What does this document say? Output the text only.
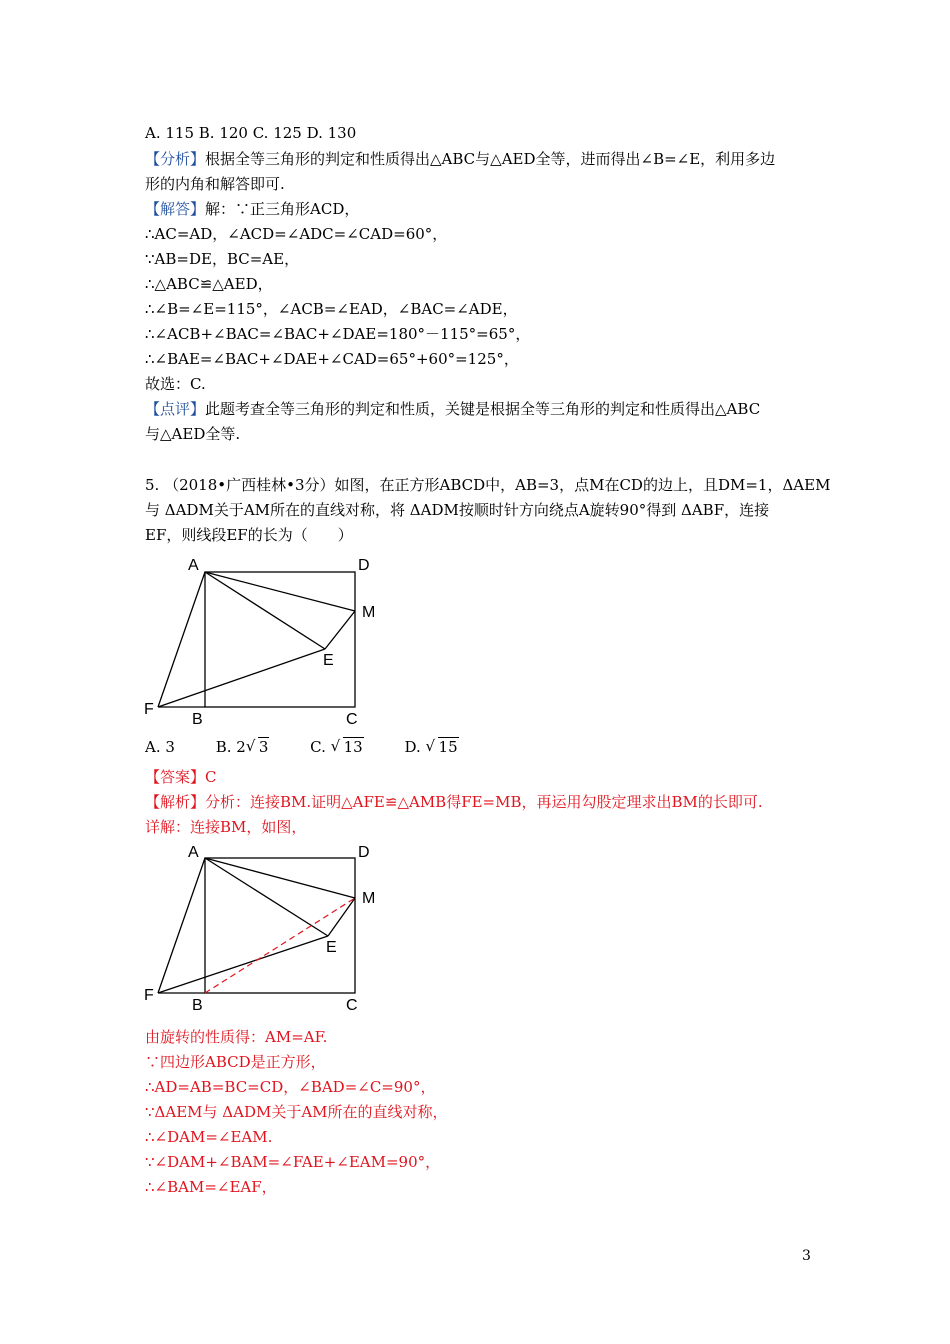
A. 115 B. 120 C. 125 D. 130
【分析】根据全等三角形的判定和性质得出△ABC与△AED全等，进而得出∠B=∠E，利用多边
形的内角和解答即可.
【解答】解：∵正三角形ACD，
∴AC=AD，∠ACD=∠ADC=∠CAD=60°，
∵AB=DE，BC=AE，
∴△ABC≌△AED，
∴∠B=∠E=115°，∠ACB=∠EAD，∠BAC=∠ADE，
∴∠ACB+∠BAC=∠BAC+∠DAE=180°－115°=65°，
∴∠BAE=∠BAC+∠DAE+∠CAD=65°+60°=125°，
故选：C.
【点评】此题考查全等三角形的判定和性质，关键是根据全等三角形的判定和性质得出△ABC
与△AED全等.
5. （2018•广西桂林•3分）如图，在正方形ABCD中，AB=3，点M在CD的边上，且DM=1，ΔAEM
与 ΔADM关于AM所在的直线对称，将 ΔADM按顺时针方向绕点A旋转90°得到 ΔABF，连接
EF，则线段EF的长为（　　）
A	D
M
E
F
B	C
A. 3	B. 2√ 3	C. √ 13	D. √ 15
【答案】C
【解析】分析：连接BM.证明△AFE≌△AMB得FE=MB，再运用勾股定理求出BM的长即可.
详解：连接BM，如图，
A	D
M
E
F
B	C
由旋转的性质得：AM=AF.
∵四边形ABCD是正方形，
∴AD=AB=BC=CD，∠BAD=∠C=90°，
∵ΔAEM与 ΔADM关于AM所在的直线对称，
∴∠DAM=∠EAM.
∵∠DAM+∠BAM=∠FAE+∠EAM=90°，
∴∠BAM=∠EAF，
3
